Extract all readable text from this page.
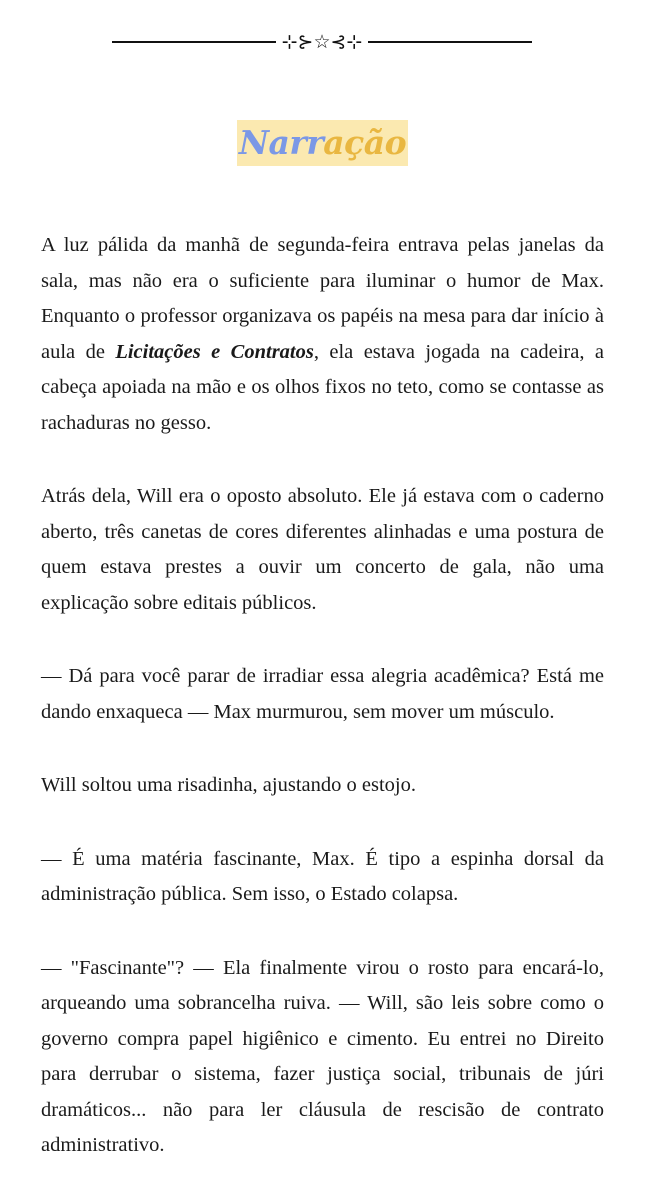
⊹⊱☆⊰⊹
Narração

A luz pálida da manhã de segunda-feira entrava pelas janelas da sala, mas não era o suficiente para iluminar o humor de Max. Enquanto o professor organizava os papéis na mesa para dar início à aula de Licitações e Contratos, ela estava jogada na cadeira, a cabeça apoiada na mão e os olhos fixos no teto, como se contasse as rachaduras no gesso.

Atrás dela, Will era o oposto absoluto. Ele já estava com o caderno aberto, três canetas de cores diferentes alinhadas e uma postura de quem estava prestes a ouvir um concerto de gala, não uma explicação sobre editais públicos.

— Dá para você parar de irradiar essa alegria acadêmica? Está me dando enxaqueca — Max murmurou, sem mover um músculo.

Will soltou uma risadinha, ajustando o estojo.

— É uma matéria fascinante, Max. É tipo a espinha dorsal da administração pública. Sem isso, o Estado colapsa.

— "Fascinante"? — Ela finalmente virou o rosto para encará-lo, arqueando uma sobrancelha ruiva. — Will, são leis sobre como o governo compra papel higiênico e cimento. Eu entrei no Direito para derrubar o sistema, fazer justiça social, tribunais de júri dramáticos... não para ler cláusula de rescisão de contrato administrativo.
